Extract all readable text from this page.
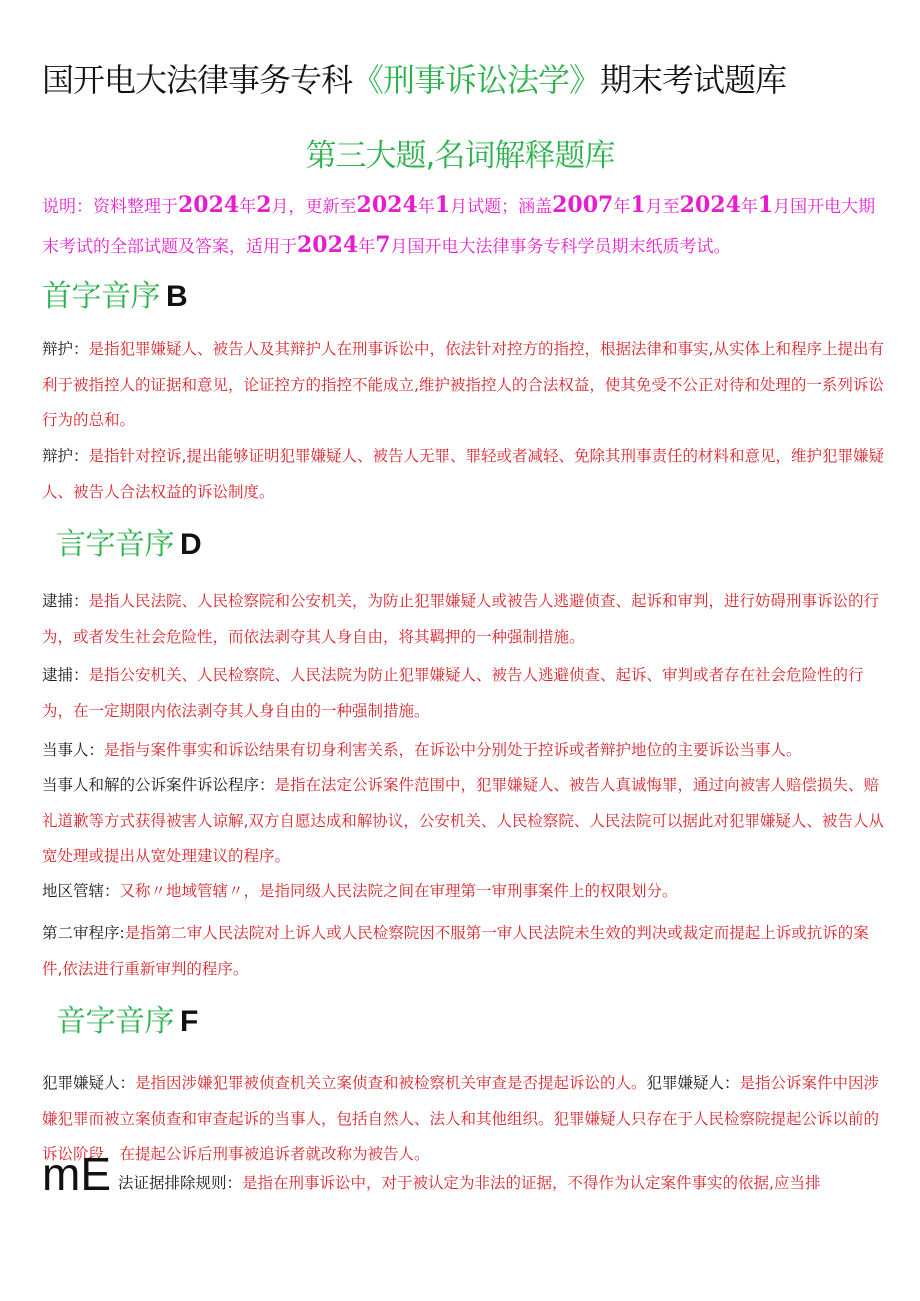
国开电大法律事务专科《刑事诉讼法学》期末考试题库
第三大题,名词解释题库
说明：资料整理于2024年2月，更新至2024年1月试题；涵盖2007年1月至2024年1月国开电大期末考试的全部试题及答案，适用于2024年7月国开电大法律事务专科学员期末纸质考试。
首字音序 B
辩护：是指犯罪嫌疑人、被告人及其辩护人在刑事诉讼中，依法针对控方的指控，根据法律和事实,从实体上和程序上提出有利于被指控人的证据和意见，论证控方的指控不能成立,维护被指控人的合法权益，使其免受不公正对待和处理的一系列诉讼行为的总和。
辩护：是指针对控诉,提出能够证明犯罪嫌疑人、被告人无罪、罪轻或者减轻、免除其刑事责任的材料和意见，维护犯罪嫌疑人、被告人合法权益的诉讼制度。
言字音序 D
逮捕：是指人民法院、人民检察院和公安机关，为防止犯罪嫌疑人或被告人逃避侦查、起诉和审判，进行妨碍刑事诉讼的行为，或者发生社会危险性，而依法剥夺其人身自由，将其羁押的一种强制措施。
逮捕：是指公安机关、人民检察院、人民法院为防止犯罪嫌疑人、被告人逃避侦查、起诉、审判或者存在社会危险性的行为，在一定期限内依法剥夺其人身自由的一种强制措施。
当事人：是指与案件事实和诉讼结果有切身利害关系，在诉讼中分别处于控诉或者辩护地位的主要诉讼当事人。
当事人和解的公诉案件诉讼程序：是指在法定公诉案件范围中，犯罪嫌疑人、被告人真诚悔罪，通过向被害人赔偿损失、赔礼道歉等方式获得被害人谅解,双方自愿达成和解协议，公安机关、人民检察院、人民法院可以据此对犯罪嫌疑人、被告人从宽处理或提出从宽处理建议的程序。
地区管辖：又称〃地域管辖〃，是指同级人民法院之间在审理第一审刑事案件上的权限划分。
第二审程序:是指第二审人民法院对上诉人或人民检察院因不服第一审人民法院未生效的判决或裁定而提起上诉或抗诉的案件,依法进行重新审判的程序。
音字音序 F
犯罪嫌疑人：是指因涉嫌犯罪被侦查机关立案侦查和被检察机关审查是否提起诉讼的人。犯罪嫌疑人：是指公诉案件中因涉嫌犯罪而被立案侦查和审查起诉的当事人，包括自然人、法人和其他组织。犯罪嫌疑人只存在于人民检察院提起公诉以前的诉讼阶段，在提起公诉后刑事被追诉者就改称为被告人。
mE 法证据排除规则：是指在刑事诉讼中，对于被认定为非法的证据，不得作为认定案件事实的依据,应当排
